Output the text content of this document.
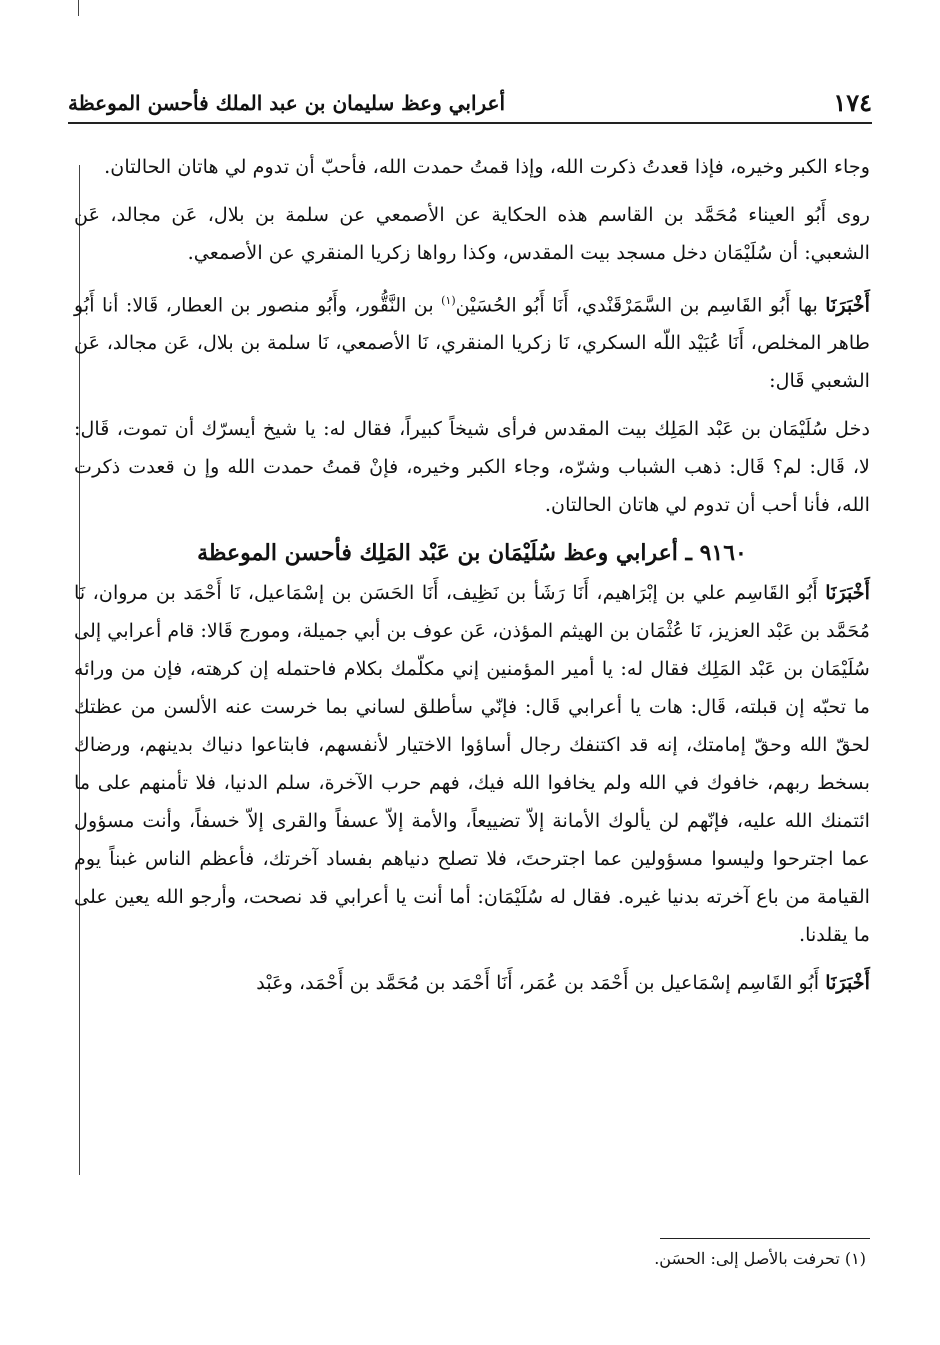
١٧٤
أعرابي وعظ سليمان بن عبد الملك فأحسن الموعظة

وجاء الكبر وخيره، فإذا قعدتُ ذكرت الله، وإذا قمتُ حمدت الله، فأحبّ أن تدوم لي هاتان الحالتان.

روى أَبُو العيناء مُحَمَّد بن القاسم هذه الحكاية عن الأصمعي عن سلمة بن بلال، عَن مجالد، عَن الشعبي: أن سُلَيْمَان دخل مسجد بيت المقدس، وكذا رواها زكريا المنقري عن الأصمعي.

أَخْبَرَنَا بها أَبُو القَاسِم بن السَّمَرْقَنْدي، أَنَا أَبُو الحُسَيْن$^{(١)}$ بن النَّقُّور، وأَبُو منصور بن العطار، قَالا: أنا أَبُو طاهر المخلص، أَنَا عُبَيْد اللّه السكري، نَا زكريا المنقري، نَا الأصمعي، نَا سلمة بن بلال، عَن مجالد، عَن الشعبي قَال:

دخل سُلَيْمَان بن عَبْد المَلِك بيت المقدس فرأى شيخاً كبيراً، فقال له: يا شيخ أيسرّك أن تموت، قَال: لا، قَال: لم؟ قَال: ذهب الشباب وشرّه، وجاء الكبر وخيره، فإنْ قمتُ حمدت الله وإ ن قعدت ذكرت الله، فأنا أحب أن تدوم لي هاتان الحالتان.

٩١٦٠ ـ أعرابي وعظ سُلَيْمَان بن عَبْد المَلِك فأحسن الموعظة

أَخْبَرَنَا أَبُو القَاسِم علي بن إبْرَاهيم، أَنَا رَشَأ بن نَظِيف، أَنَا الحَسَن بن إسْمَاعيل، نَا أَحْمَد بن مروان، نَا مُحَمَّد بن عَبْد العزيز، نَا عُثْمَان بن الهيثم المؤذن، عَن عوف بن أبي جميلة، ومورج قَالا: قام أعرابي إلى سُلَيْمَان بن عَبْد المَلِك فقال له: يا أمير المؤمنين إني مكلّمك بكلام فاحتمله إن كرهته، فإن من ورائه ما تحبّه إن قبلته، قَال: هات يا أعرابي قَال: فإنّي سأطلق لساني بما خرست عنه الألسن من عظتك لحقّ الله وحقّ إمامتك، إنه قد اكتنفك رجال أساؤوا الاختيار لأنفسهم، فابتاعوا دنياك بدينهم، ورضاك بسخط ربهم، خافوك في الله ولم يخافوا الله فيك، فهم حرب الآخرة، سلم الدنيا، فلا تأمنهم على ما ائتمنك الله عليه، فإنّهم لن يألوك الأمانة إلاّ تضييعاً، والأمة إلاّ عسفاً والقرى إلاّ خسفاً، وأنت مسؤول عما اجترحوا وليسوا مسؤولين عما اجترحتَ، فلا تصلح دنياهم بفساد آخرتك، فأعظم الناس غبناً يوم القيامة من باع آخرته بدنيا غيره. فقال له سُلَيْمَان: أما أنت يا أعرابي قد نصحت، وأرجو الله يعين على ما يقلدنا.

أَخْبَرَنَا أَبُو القَاسِم إسْمَاعيل بن أَحْمَد بن عُمَر، أَنَا أَحْمَد بن مُحَمَّد بن أَحْمَد، وعَبْد

(١) تحرفت بالأصل إلى: الحسَن.
